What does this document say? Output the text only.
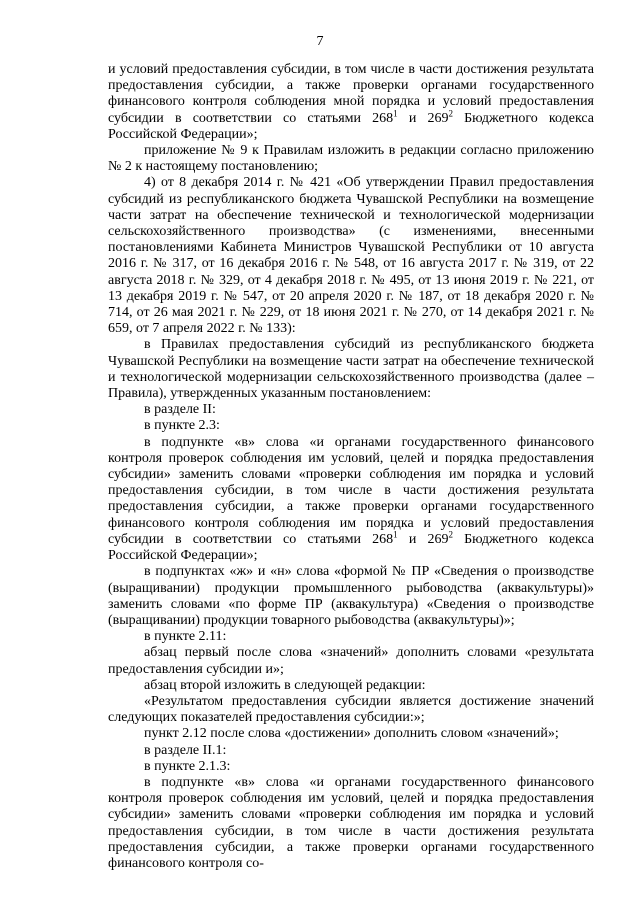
7

и условий предоставления субсидии, в том числе в части достижения результата предоставления субсидии, а также проверки органами государственного финансового контроля соблюдения мной порядка и условий предоставления субсидии в соответствии со статьями $268^1$ и $269^2$ Бюджетного кодекса Российской Федерации»;

приложение № 9 к Правилам изложить в редакции согласно приложению № 2 к настоящему постановлению;

4) от 8 декабря 2014 г. № 421 «Об утверждении Правил предоставления субсидий из республиканского бюджета Чувашской Республики на возмещение части затрат на обеспечение технической и технологической модернизации сельскохозяйственного производства» (с изменениями, внесенными постановлениями Кабинета Министров Чувашской Республики от 10 августа 2016 г. № 317, от 16 декабря 2016 г. № 548, от 16 августа 2017 г. № 319, от 22 августа 2018 г. № 329, от 4 декабря 2018 г. № 495, от 13 июня 2019 г. № 221, от 13 декабря 2019 г. № 547, от 20 апреля 2020 г. № 187, от 18 декабря 2020 г. № 714, от 26 мая 2021 г. № 229, от 18 июня 2021 г. № 270, от 14 декабря 2021 г. № 659, от 7 апреля 2022 г. № 133):

в Правилах предоставления субсидий из республиканского бюджета Чувашской Республики на возмещение части затрат на обеспечение технической и технологической модернизации сельскохозяйственного производства (далее – Правила), утвержденных указанным постановлением:

в разделе II:

в пункте 2.3:

в подпункте «в» слова «и органами государственного финансового контроля проверок соблюдения им условий, целей и порядка предоставления субсидии» заменить словами «проверки соблюдения им порядка и условий предоставления субсидии, в том числе в части достижения результата предоставления субсидии, а также проверки органами государственного финансового контроля соблюдения им порядка и условий предоставления субсидии в соответствии со статьями $268^1$ и $269^2$ Бюджетного кодекса Российской Федерации»;

в подпунктах «ж» и «н» слова «формой № ПР «Сведения о производстве (выращивании) продукции промышленного рыбоводства (аквакультуры)» заменить словами «по форме ПР (аквакультура) «Сведения о производстве (выращивании) продукции товарного рыбоводства (аквакультуры)»;

в пункте 2.11:

абзац первый после слова «значений» дополнить словами «результата предоставления субсидии и»;

абзац второй изложить в следующей редакции:

«Результатом предоставления субсидии является достижение значений следующих показателей предоставления субсидии:»;

пункт 2.12 после слова «достижении» дополнить словом «значений»;

в разделе II.1:

в пункте 2.1.3:

в подпункте «в» слова «и органами государственного финансового контроля проверок соблюдения им условий, целей и порядка предоставления субсидии» заменить словами «проверки соблюдения им порядка и условий предоставления субсидии, в том числе в части достижения результата предоставления субсидии, а также проверки органами государственного финансового контроля со-
